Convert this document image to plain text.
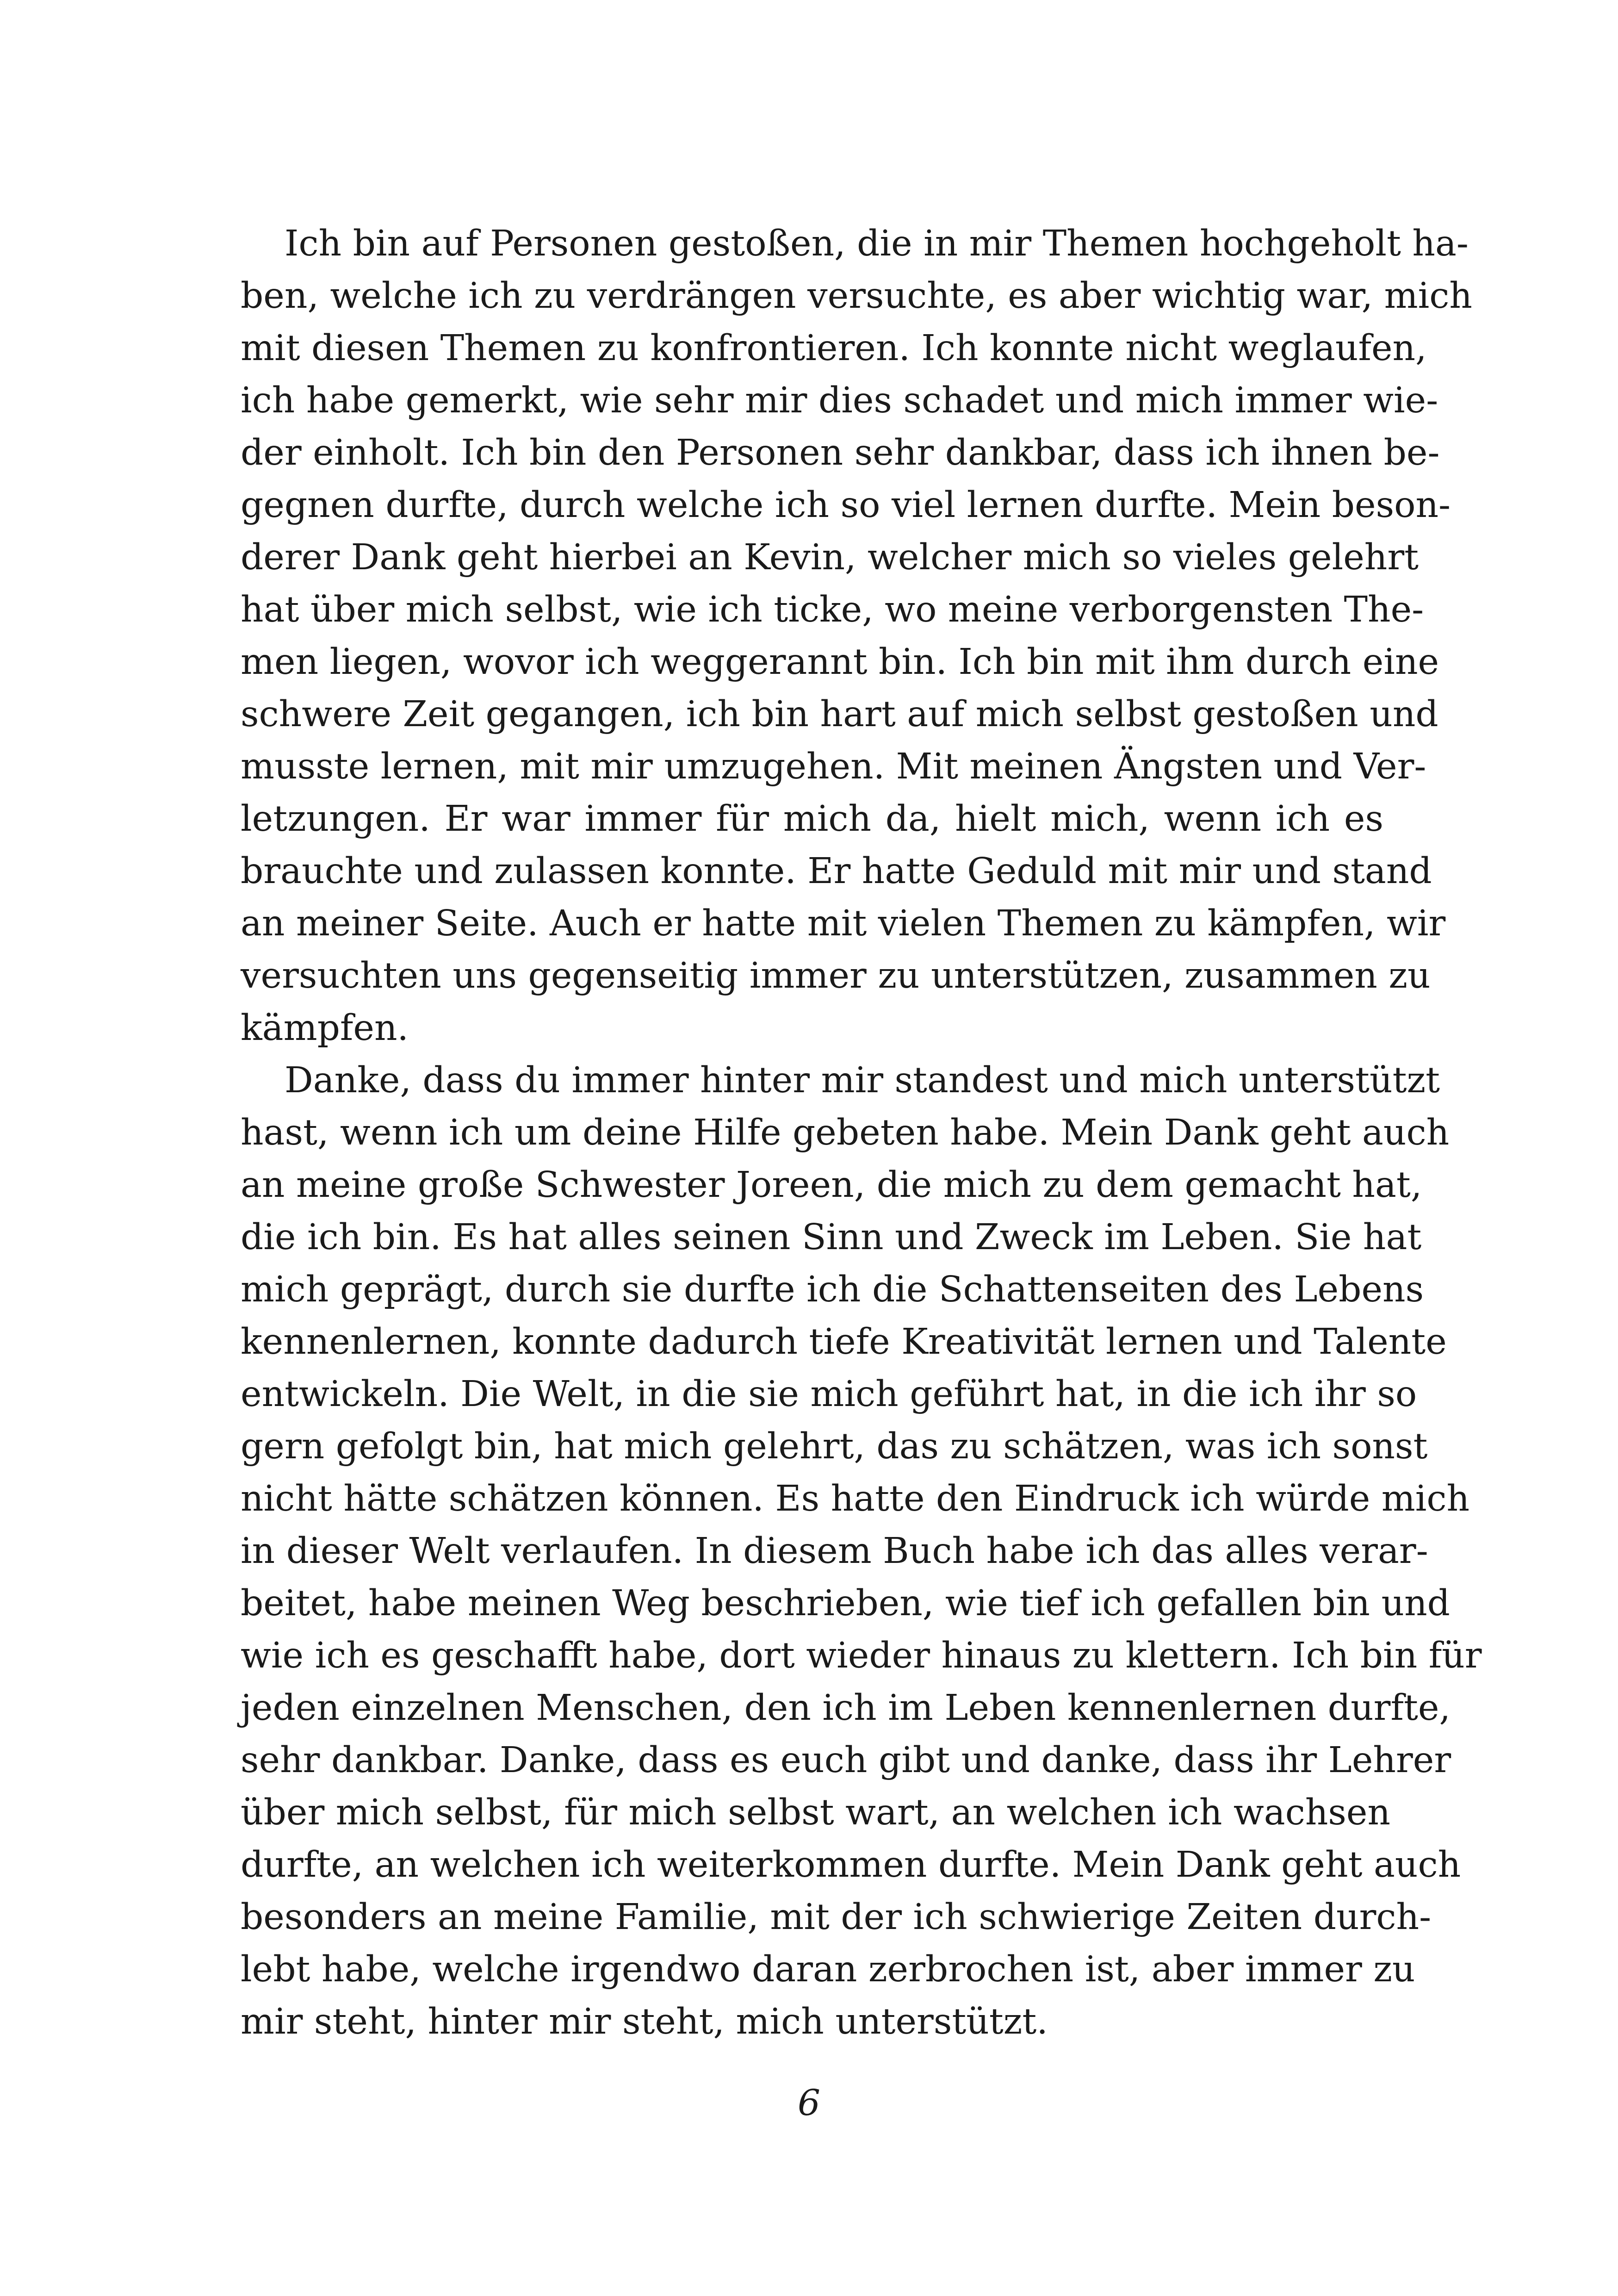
Ich bin auf Personen gestoßen, die in mir Themen hochgeholt ha-
ben, welche ich zu verdrängen versuchte, es aber wichtig war, mich
mit diesen Themen zu konfrontieren. Ich konnte nicht weglaufen,
ich habe gemerkt, wie sehr mir dies schadet und mich immer wie-
der einholt. Ich bin den Personen sehr dankbar, dass ich ihnen be-
gegnen durfte, durch welche ich so viel lernen durfte. Mein beson-
derer Dank geht hierbei an Kevin, welcher mich so vieles gelehrt
hat über mich selbst, wie ich ticke, wo meine verborgensten The-
men liegen, wovor ich weggerannt bin. Ich bin mit ihm durch eine
schwere Zeit gegangen, ich bin hart auf mich selbst gestoßen und
musste lernen, mit mir umzugehen. Mit meinen Ängsten und Ver-
letzungen. Er war immer für mich da, hielt mich, wenn ich es
brauchte und zulassen konnte. Er hatte Geduld mit mir und stand
an meiner Seite. Auch er hatte mit vielen Themen zu kämpfen, wir
versuchten uns gegenseitig immer zu unterstützen, zusammen zu
kämpfen.
Danke, dass du immer hinter mir standest und mich unterstützt
hast, wenn ich um deine Hilfe gebeten habe. Mein Dank geht auch
an meine große Schwester Joreen, die mich zu dem gemacht hat,
die ich bin. Es hat alles seinen Sinn und Zweck im Leben. Sie hat
mich geprägt, durch sie durfte ich die Schattenseiten des Lebens
kennenlernen, konnte dadurch tiefe Kreativität lernen und Talente
entwickeln. Die Welt, in die sie mich geführt hat, in die ich ihr so
gern gefolgt bin, hat mich gelehrt, das zu schätzen, was ich sonst
nicht hätte schätzen können. Es hatte den Eindruck ich würde mich
in dieser Welt verlaufen. In diesem Buch habe ich das alles verar-
beitet, habe meinen Weg beschrieben, wie tief ich gefallen bin und
wie ich es geschafft habe, dort wieder hinaus zu klettern. Ich bin für
jeden einzelnen Menschen, den ich im Leben kennenlernen durfte,
sehr dankbar. Danke, dass es euch gibt und danke, dass ihr Lehrer
über mich selbst, für mich selbst wart, an welchen ich wachsen
durfte, an welchen ich weiterkommen durfte. Mein Dank geht auch
besonders an meine Familie, mit der ich schwierige Zeiten durch-
lebt habe, welche irgendwo daran zerbrochen ist, aber immer zu
mir steht, hinter mir steht, mich unterstützt.
6
